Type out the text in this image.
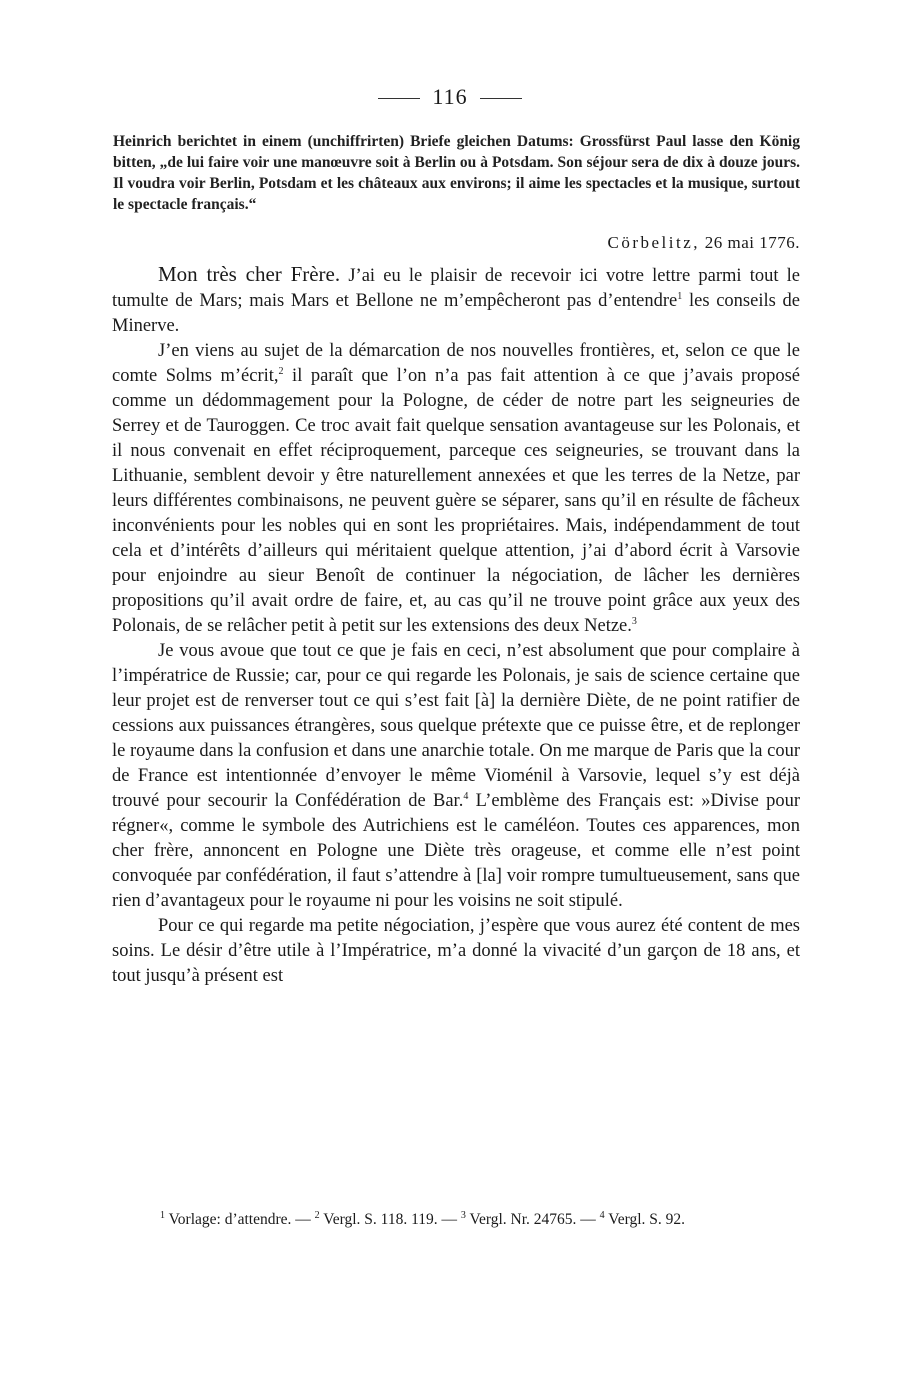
116
Heinrich berichtet in einem (unchiffrirten) Briefe gleichen Datums: Grossfürst Paul lasse den König bitten, „de lui faire voir une manœuvre soit à Berlin ou à Potsdam. Son séjour sera de dix à douze jours. Il voudra voir Berlin, Potsdam et les châteaux aux environs; il aime les spectacles et la musique, surtout le spectacle français.“
Cörbelitz, 26 mai 1776.

Mon très cher Frère. J’ai eu le plaisir de recevoir ici votre lettre parmi tout le tumulte de Mars; mais Mars et Bellone ne m’empêcheront pas d’entendre$^1$ les conseils de Minerve.

J’en viens au sujet de la démarcation de nos nouvelles frontières, et, selon ce que le comte Solms m’écrit,$^2$ il paraît que l’on n’a pas fait attention à ce que j’avais proposé comme un dédommagement pour la Pologne, de céder de notre part les seigneuries de Serrey et de Tauroggen. Ce troc avait fait quelque sensation avantageuse sur les Polonais, et il nous convenait en effet réciproquement, parceque ces seigneuries, se trouvant dans la Lithuanie, semblent devoir y être naturellement annexées et que les terres de la Netze, par leurs différentes combinaisons, ne peuvent guère se séparer, sans qu’il en résulte de fâcheux inconvénients pour les nobles qui en sont les propriétaires. Mais, indépendamment de tout cela et d’intérêts d’ailleurs qui méritaient quelque attention, j’ai d’abord écrit à Varsovie pour enjoindre au sieur Benoît de continuer la négociation, de lâcher les dernières propositions qu’il avait ordre de faire, et, au cas qu’il ne trouve point grâce aux yeux des Polonais, de se relâcher petit à petit sur les extensions des deux Netze.$^3$

Je vous avoue que tout ce que je fais en ceci, n’est absolument que pour complaire à l’impératrice de Russie; car, pour ce qui regarde les Polonais, je sais de science certaine que leur projet est de renverser tout ce qui s’est fait [à] la dernière Diète, de ne point ratifier de cessions aux puissances étrangères, sous quelque prétexte que ce puisse être, et de replonger le royaume dans la confusion et dans une anarchie totale. On me marque de Paris que la cour de France est intentionnée d’envoyer le même Vioménil à Varsovie, lequel s’y est déjà trouvé pour secourir la Confédération de Bar.$^4$ L’emblème des Français est: »Divise pour régner«, comme le symbole des Autrichiens est le caméléon. Toutes ces apparences, mon cher frère, annoncent en Pologne une Diète très orageuse, et comme elle n’est point convoquée par confédération, il faut s’attendre à [la] voir rompre tumultueusement, sans que rien d’avantageux pour le royaume ni pour les voisins ne soit stipulé.

Pour ce qui regarde ma petite négociation, j’espère que vous aurez été content de mes soins. Le désir d’être utile à l’Impératrice, m’a donné la vivacité d’un garçon de 18 ans, et tout jusqu’à présent est

$^1$ Vorlage: d’attendre. — $^2$ Vergl. S. 118. 119. — $^3$ Vergl. Nr. 24765. — $^4$ Vergl. S. 92.
